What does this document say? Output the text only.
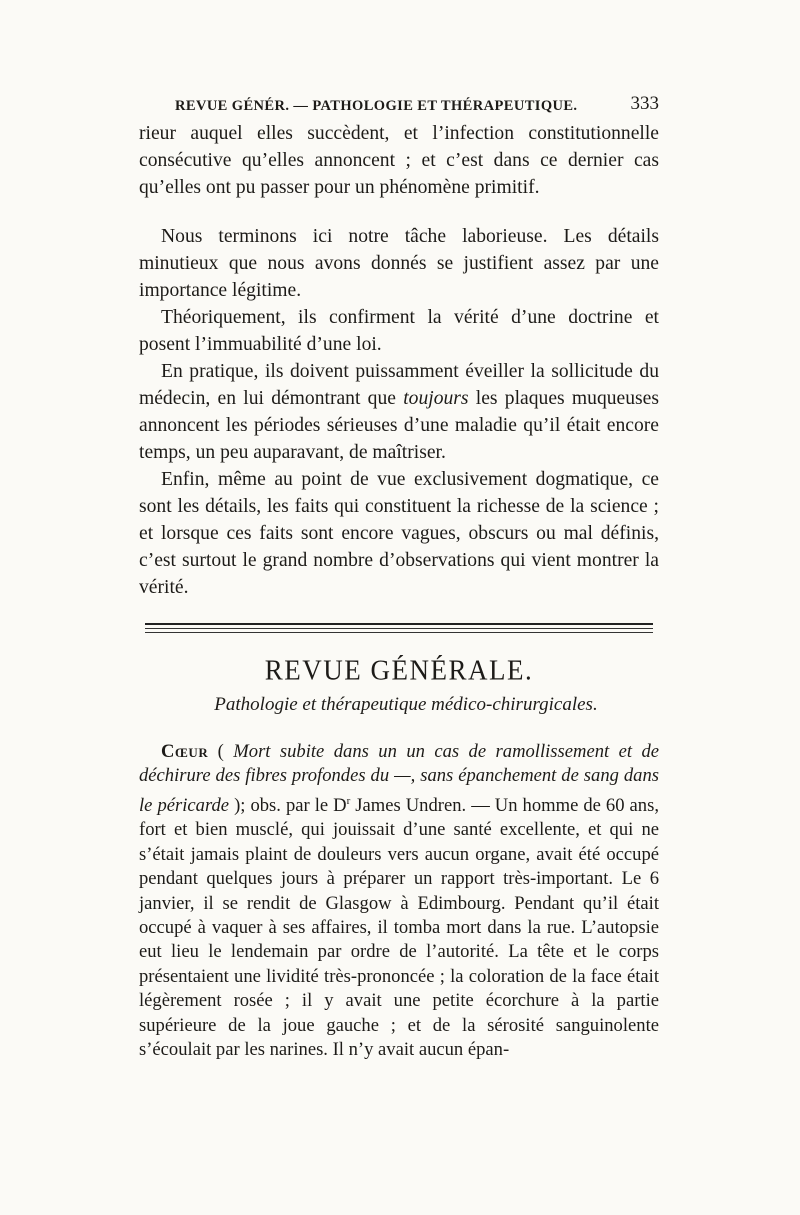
REVUE GÉNÉR. — PATHOLOGIE ET THÉRAPEUTIQUE.	333

rieur auquel elles succèdent, et l’infection constitutionnelle consécutive qu’elles annoncent ; et c’est dans ce dernier cas qu’elles ont pu passer pour un phénomène primitif.

Nous terminons ici notre tâche laborieuse. Les détails minutieux que nous avons donnés se justifient assez par une importance légitime.

Théoriquement, ils confirment la vérité d’une doctrine et posent l’immuabilité d’une loi.

En pratique, ils doivent puissamment éveiller la sollicitude du médecin, en lui démontrant que toujours les plaques muqueuses annoncent les périodes sérieuses d’une maladie qu’il était encore temps, un peu auparavant, de maîtriser.

Enfin, même au point de vue exclusivement dogmatique, ce sont les détails, les faits qui constituent la richesse de la science ; et lorsque ces faits sont encore vagues, obscurs ou mal définis, c’est surtout le grand nombre d’observations qui vient montrer la vérité.

REVUE GÉNÉRALE.
Pathologie et thérapeutique médico-chirurgicales.

Cœur ( Mort subite dans un un cas de ramollissement et de déchirure des fibres profondes du —, sans épanchement de sang dans le péricarde ); obs. par le $D^r$ James Undren. — Un homme de 60 ans, fort et bien musclé, qui jouissait d’une santé excellente, et qui ne s’était jamais plaint de douleurs vers aucun organe, avait été occupé pendant quelques jours à préparer un rapport très-important. Le 6 janvier, il se rendit de Glasgow à Edimbourg. Pendant qu’il était occupé à vaquer à ses affaires, il tomba mort dans la rue. L’autopsie eut lieu le lendemain par ordre de l’autorité. La tête et le corps présentaient une lividité très-prononcée ; la coloration de la face était légèrement rosée ; il y avait une petite écorchure à la partie supérieure de la joue gauche ; et de la sérosité sanguinolente s’écoulait par les narines. Il n’y avait aucun épan-
